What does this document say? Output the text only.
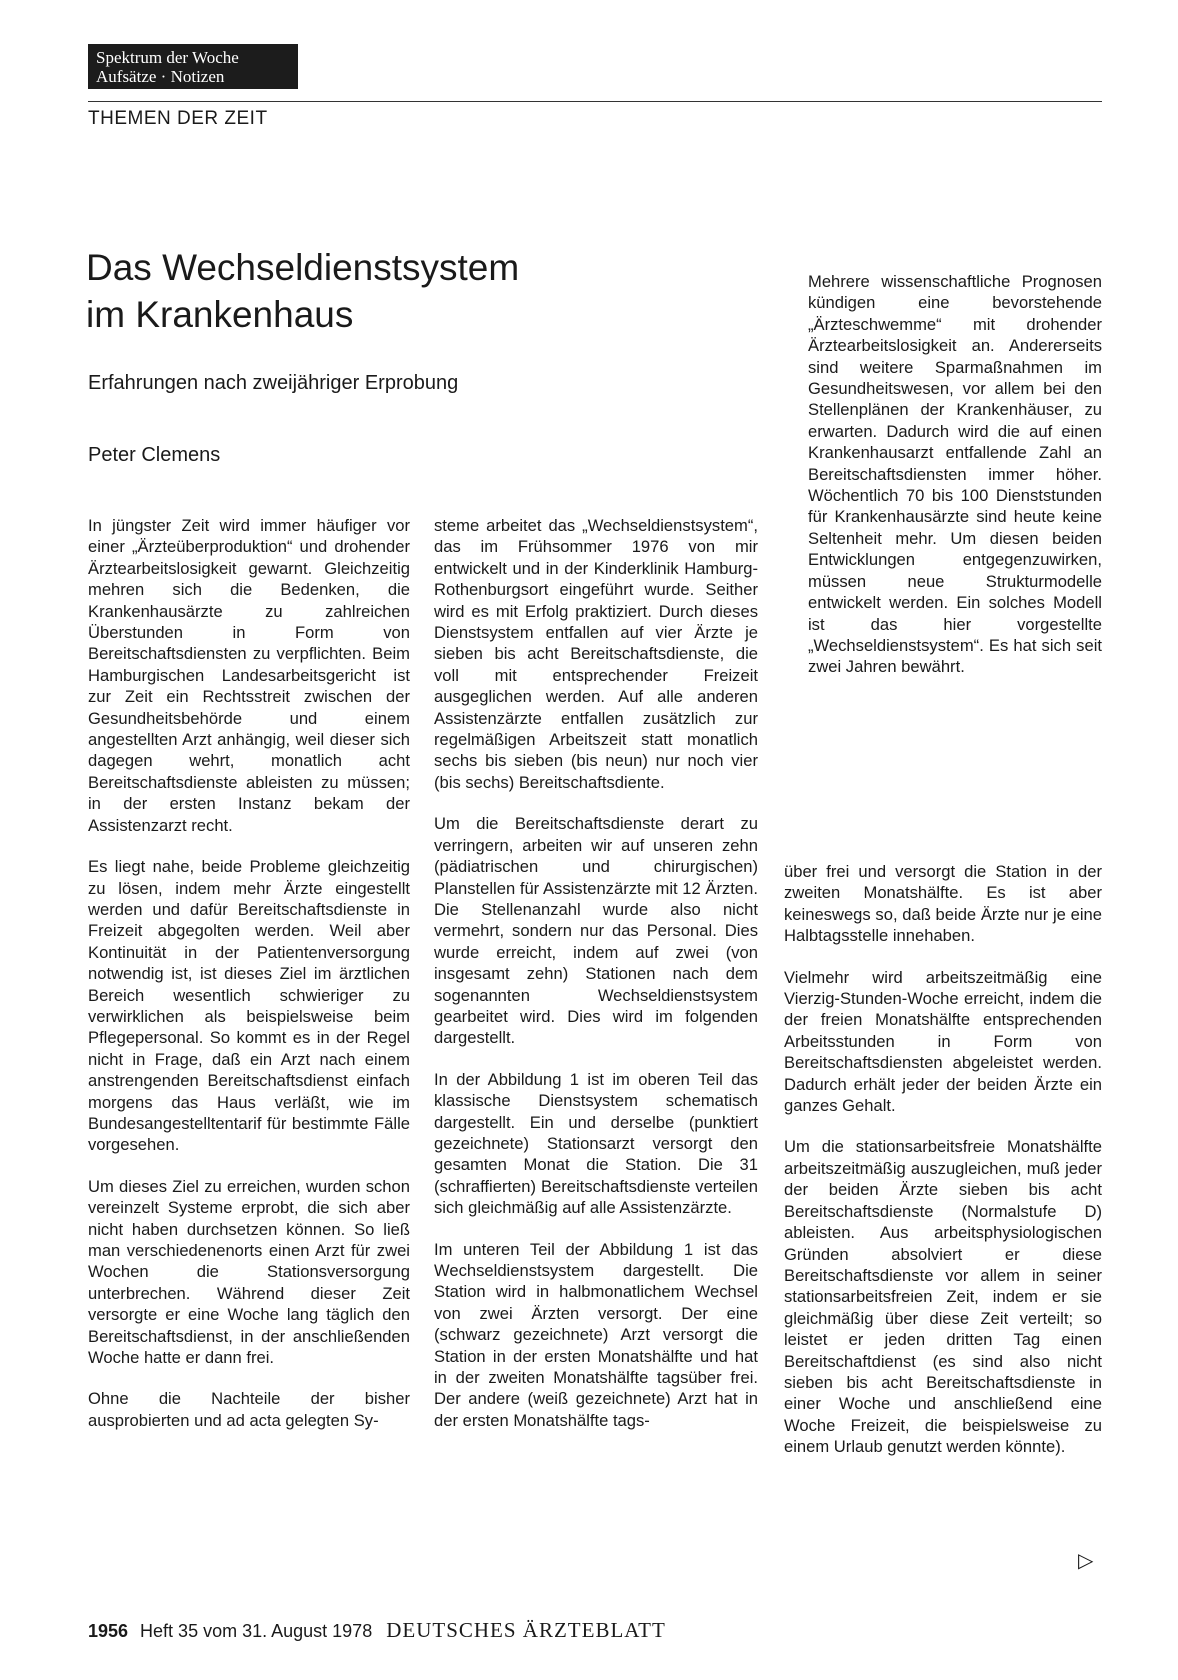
Spektrum der Woche
Aufsätze · Notizen
THEMEN DER ZEIT
Das Wechseldienstsystem
im Krankenhaus
Erfahrungen nach zweijähriger Erprobung
Peter Clemens

In jüngster Zeit wird immer häufiger vor einer „Ärzteüberproduktion“ und drohender Ärztearbeitslosigkeit gewarnt. Gleichzeitig mehren sich die Bedenken, die Krankenhausärzte zu zahlreichen Überstunden in Form von Bereitschaftsdiensten zu verpflichten. Beim Hamburgischen Landesarbeitsgericht ist zur Zeit ein Rechtsstreit zwischen der Gesundheitsbehörde und einem angestellten Arzt anhängig, weil dieser sich dagegen wehrt, monatlich acht Bereitschaftsdienste ableisten zu müssen; in der ersten Instanz bekam der Assistenzarzt recht.

Es liegt nahe, beide Probleme gleichzeitig zu lösen, indem mehr Ärzte eingestellt werden und dafür Bereitschaftsdienste in Freizeit abgegolten werden. Weil aber Kontinuität in der Patientenversorgung notwendig ist, ist dieses Ziel im ärztlichen Bereich wesentlich schwieriger zu verwirklichen als beispielsweise beim Pflegepersonal. So kommt es in der Regel nicht in Frage, daß ein Arzt nach einem anstrengenden Bereitschaftsdienst einfach morgens das Haus verläßt, wie im Bundesangestelltentarif für bestimmte Fälle vorgesehen.

Um dieses Ziel zu erreichen, wurden schon vereinzelt Systeme erprobt, die sich aber nicht haben durchsetzen können. So ließ man verschiedenenorts einen Arzt für zwei Wochen die Stationsversorgung unterbrechen. Während dieser Zeit versorgte er eine Woche lang täglich den Bereitschaftsdienst, in der anschließenden Woche hatte er dann frei.

Ohne die Nachteile der bisher ausprobierten und ad acta gelegten Sy-

steme arbeitet das „Wechseldienstsystem“, das im Frühsommer 1976 von mir entwickelt und in der Kinderklinik Hamburg-Rothenburgsort eingeführt wurde. Seither wird es mit Erfolg praktiziert. Durch dieses Dienstsystem entfallen auf vier Ärzte je sieben bis acht Bereitschaftsdienste, die voll mit entsprechender Freizeit ausgeglichen werden. Auf alle anderen Assistenzärzte entfallen zusätzlich zur regelmäßigen Arbeitszeit statt monatlich sechs bis sieben (bis neun) nur noch vier (bis sechs) Bereitschaftsdiente.

Um die Bereitschaftsdienste derart zu verringern, arbeiten wir auf unseren zehn (pädiatrischen und chirurgischen) Planstellen für Assistenzärzte mit 12 Ärzten. Die Stellenanzahl wurde also nicht vermehrt, sondern nur das Personal. Dies wurde erreicht, indem auf zwei (von insgesamt zehn) Stationen nach dem sogenannten Wechseldienstsystem gearbeitet wird. Dies wird im folgenden dargestellt.

In der Abbildung 1 ist im oberen Teil das klassische Dienstsystem schematisch dargestellt. Ein und derselbe (punktiert gezeichnete) Stationsarzt versorgt den gesamten Monat die Station. Die 31 (schraffierten) Bereitschaftsdienste verteilen sich gleichmäßig auf alle Assistenzärzte.

Im unteren Teil der Abbildung 1 ist das Wechseldienstsystem dargestellt. Die Station wird in halbmonatlichem Wechsel von zwei Ärzten versorgt. Der eine (schwarz gezeichnete) Arzt versorgt die Station in der ersten Monatshälfte und hat in der zweiten Monatshälfte tagsüber frei. Der andere (weiß gezeichnete) Arzt hat in der ersten Monatshälfte tags-

Mehrere wissenschaftliche Prognosen kündigen eine bevorstehende „Ärzteschwemme“ mit drohender Ärztearbeitslosigkeit an. Andererseits sind weitere Sparmaßnahmen im Gesundheitswesen, vor allem bei den Stellenplänen der Krankenhäuser, zu erwarten. Dadurch wird die auf einen Krankenhausarzt entfallende Zahl an Bereitschaftsdiensten immer höher. Wöchentlich 70 bis 100 Dienststunden für Krankenhausärzte sind heute keine Seltenheit mehr. Um diesen beiden Entwicklungen entgegenzuwirken, müssen neue Strukturmodelle entwickelt werden. Ein solches Modell ist das hier vorgestellte „Wechseldienstsystem“. Es hat sich seit zwei Jahren bewährt.

über frei und versorgt die Station in der zweiten Monatshälfte. Es ist aber keineswegs so, daß beide Ärzte nur je eine Halbtagsstelle innehaben.

Vielmehr wird arbeitszeitmäßig eine Vierzig-Stunden-Woche erreicht, indem die der freien Monatshälfte entsprechenden Arbeitsstunden in Form von Bereitschaftsdiensten abgeleistet werden. Dadurch erhält jeder der beiden Ärzte ein ganzes Gehalt.

Um die stationsarbeitsfreie Monatshälfte arbeitszeitmäßig auszugleichen, muß jeder der beiden Ärzte sieben bis acht Bereitschaftsdienste (Normalstufe D) ableisten. Aus arbeitsphysiologischen Gründen absolviert er diese Bereitschaftsdienste vor allem in seiner stationsarbeitsfreien Zeit, indem er sie gleichmäßig über diese Zeit verteilt; so leistet er jeden dritten Tag einen Bereitschaftdienst (es sind also nicht sieben bis acht Bereitschaftsdienste in einer Woche und anschließend eine Woche Freizeit, die beispielsweise zu einem Urlaub genutzt werden könnte).

▷
1956 Heft 35 vom 31. August 1978 DEUTSCHES ÄRZTEBLATT
